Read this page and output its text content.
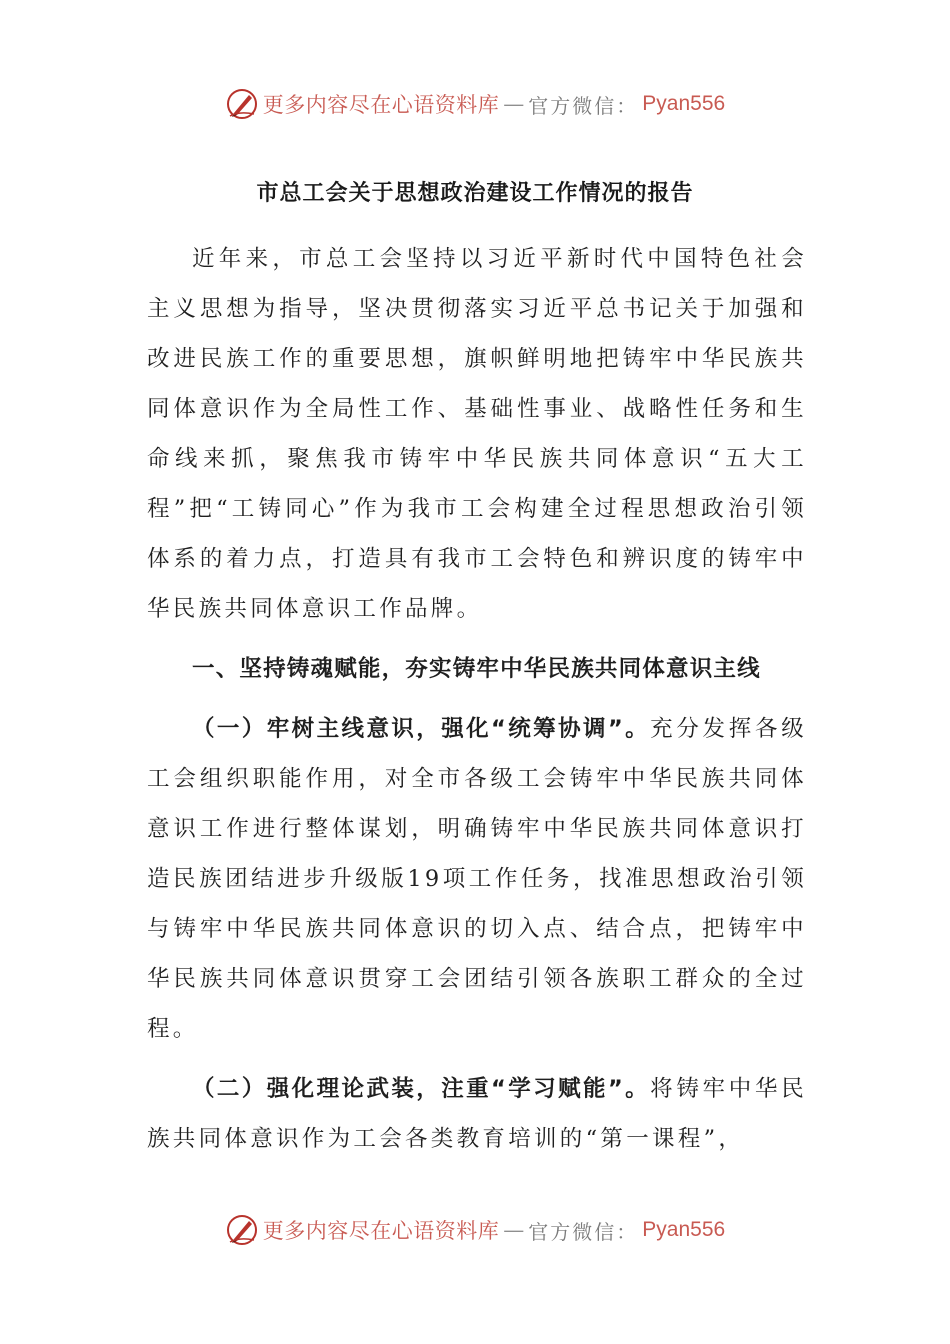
更多内容尽在心语资料库 — 官方微信： Pyan556
市总工会关于思想政治建设工作情况的报告

近年来，市总工会坚持以习近平新时代中国特色社会主义思想为指导，坚决贯彻落实习近平总书记关于加强和改进民族工作的重要思想，旗帜鲜明地把铸牢中华民族共同体意识作为全局性工作、基础性事业、战略性任务和生命线来抓，聚焦我市铸牢中华民族共同体意识“五大工程”把“工铸同心”作为我市工会构建全过程思想政治引领体系的着力点，打造具有我市工会特色和辨识度的铸牢中华民族共同体意识工作品牌。

一、坚持铸魂赋能，夯实铸牢中华民族共同体意识主线

（一）牢树主线意识，强化“统筹协调”。充分发挥各级工会组织职能作用，对全市各级工会铸牢中华民族共同体意识工作进行整体谋划，明确铸牢中华民族共同体意识打造民族团结进步升级版19项工作任务，找准思想政治引领与铸牢中华民族共同体意识的切入点、结合点，把铸牢中华民族共同体意识贯穿工会团结引领各族职工群众的全过程。

（二）强化理论武装，注重“学习赋能”。将铸牢中华民族共同体意识作为工会各类教育培训的“第一课程”，

更多内容尽在心语资料库 — 官方微信： Pyan556
